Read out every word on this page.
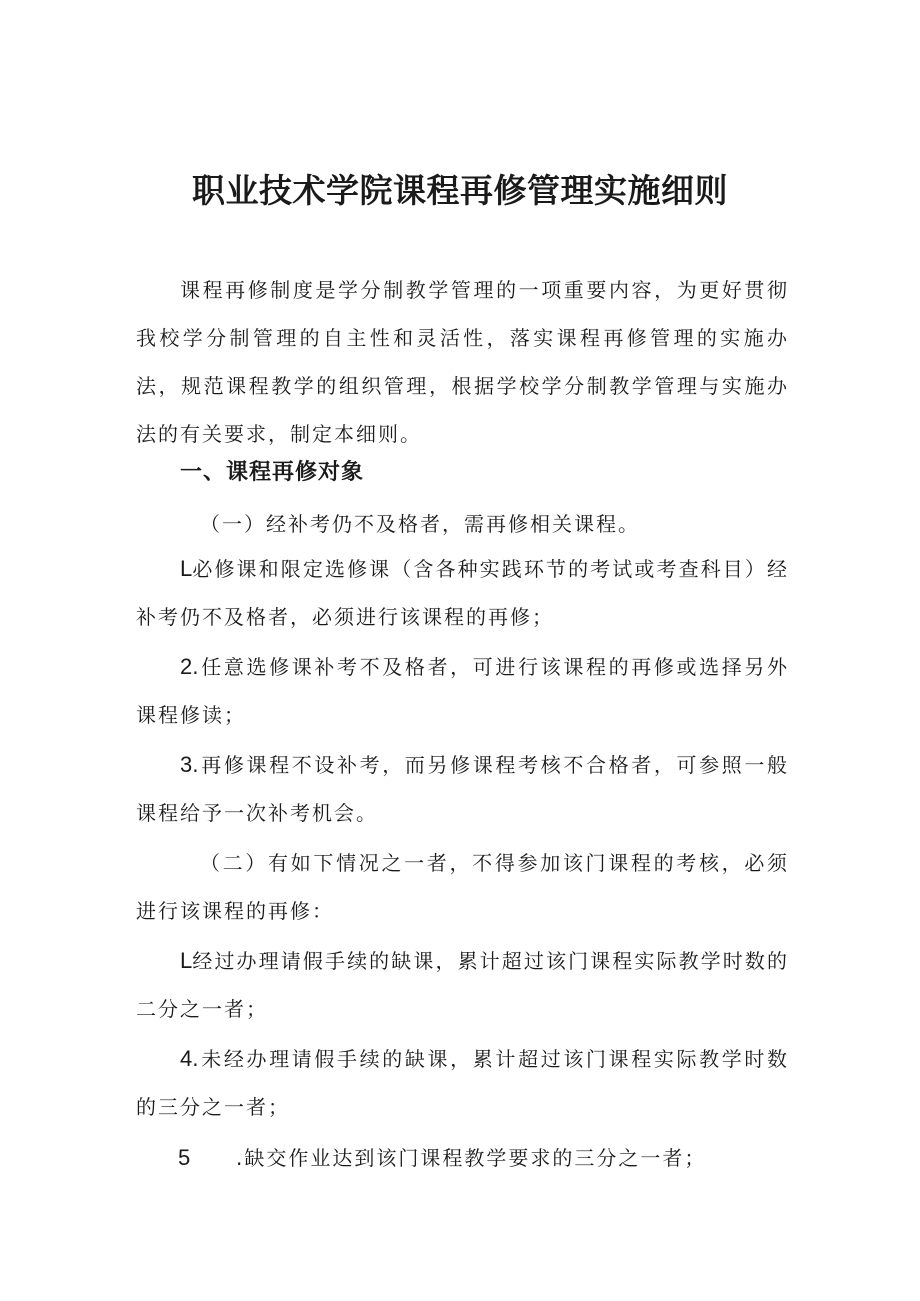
职业技术学院课程再修管理实施细则

课程再修制度是学分制教学管理的一项重要内容，为更好贯彻我校学分制管理的自主性和灵活性，落实课程再修管理的实施办法，规范课程教学的组织管理，根据学校学分制教学管理与实施办法的有关要求，制定本细则。

一、课程再修对象

（一）经补考仍不及格者，需再修相关课程。

L必修课和限定选修课（含各种实践环节的考试或考查科目）经补考仍不及格者，必须进行该课程的再修；

2.任意选修课补考不及格者，可进行该课程的再修或选择另外课程修读；

3.再修课程不设补考，而另修课程考核不合格者，可参照一般课程给予一次补考机会。

（二）有如下情况之一者，不得参加该门课程的考核，必须进行该课程的再修：

L经过办理请假手续的缺课，累计超过该门课程实际教学时数的二分之一者；

4.未经办理请假手续的缺课，累计超过该门课程实际教学时数的三分之一者；

5 .缺交作业达到该门课程教学要求的三分之一者；
